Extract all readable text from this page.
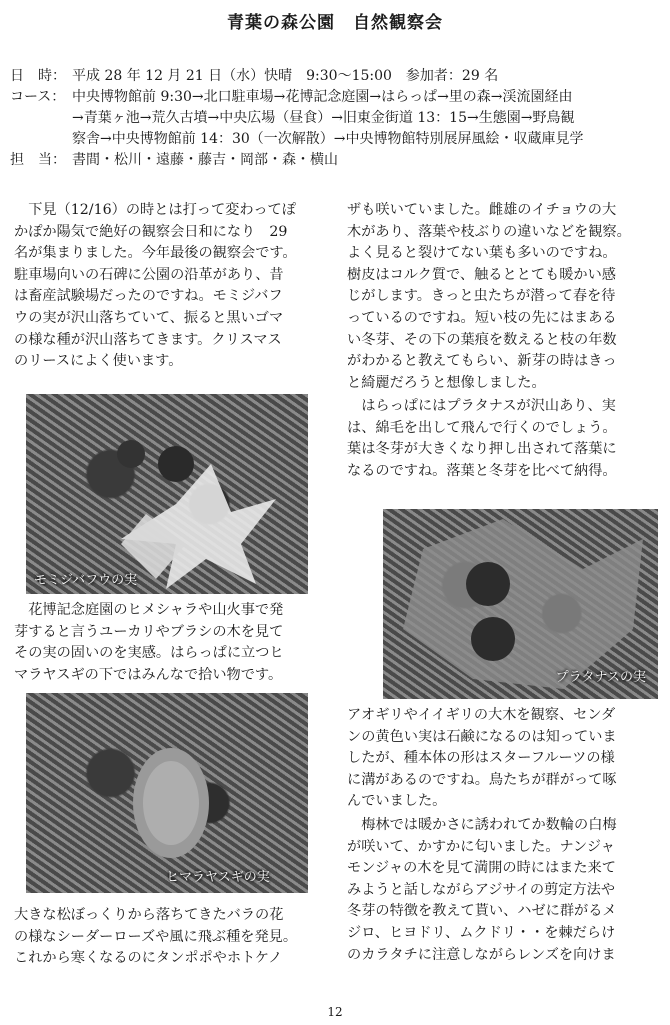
青葉の森公園　自然観察会
日　時： 平成 28 年 12 月 21 日（水）快晴　9:30〜15:00　参加者：29 名
コース： 中央博物館前 9:30→北口駐車場→花博記念庭園→はらっぱ→里の森→渓流園経由
→青葉ヶ池→荒久古墳→中央広場（昼食）→旧東金街道 13：15→生態園→野鳥観
察舎→中央博物館前 14：30（一次解散）→中央博物館特別展屏風絵・収蔵庫見学
担　当： 書間・松川・遠藤・藤吉・岡部・森・横山
　下見（12/16）の時とは打って変わってぽ
かぽか陽気で絶好の観察会日和になり　29
名が集まりました。今年最後の観察会です。
駐車場向いの石碑に公園の沿革があり、昔
は畜産試験場だったのですね。モミジバフ
ウの実が沢山落ちていて、振ると黒いゴマ
の様な種が沢山落ちてきます。クリスマス
のリースによく使います。
モミジバフウの実
　花博記念庭園のヒメシャラや山火事で発
芽すると言うユーカリやブラシの木を見て
その実の固いのを実感。はらっぱに立つヒ
マラヤスギの下ではみんなで拾い物です。
ヒマラヤスギの実
大きな松ぼっくりから落ちてきたバラの花
の様なシーダーローズや風に飛ぶ種を発見。
これから寒くなるのにタンポポやホトケノ
ザも咲いていました。雌雄のイチョウの大
木があり、落葉や枝ぶりの違いなどを観察。
よく見ると裂けてない葉も多いのですね。
樹皮はコルク質で、触るととても暖かい感
じがします。きっと虫たちが潜って春を待
っているのですね。短い枝の先にはまある
い冬芽、その下の葉痕を数えると枝の年数
がわかると教えてもらい、新芽の時はきっ
と綺麗だろうと想像しました。
　はらっぱにはプラタナスが沢山あり、実
は、綿毛を出して飛んで行くのでしょう。
葉は冬芽が大きくなり押し出されて落葉に
なるのですね。落葉と冬芽を比べて納得。
プラタナスの実
アオギリやイイギリの大木を観察、センダ
ンの黄色い実は石鹸になるのは知っていま
したが、種本体の形はスターフルーツの様
に溝があるのですね。鳥たちが群がって啄
んでいました。
　梅林では暖かさに誘われてか数輪の白梅
が咲いて、かすかに匂いました。ナンジャ
モンジャの木を見て満開の時にはまた来て
みようと話しながらアジサイの剪定方法や
冬芽の特徴を教えて貰い、ハゼに群がるメ
ジロ、ヒヨドリ、ムクドリ・・を棘だらけ
のカラタチに注意しながらレンズを向けま
12
